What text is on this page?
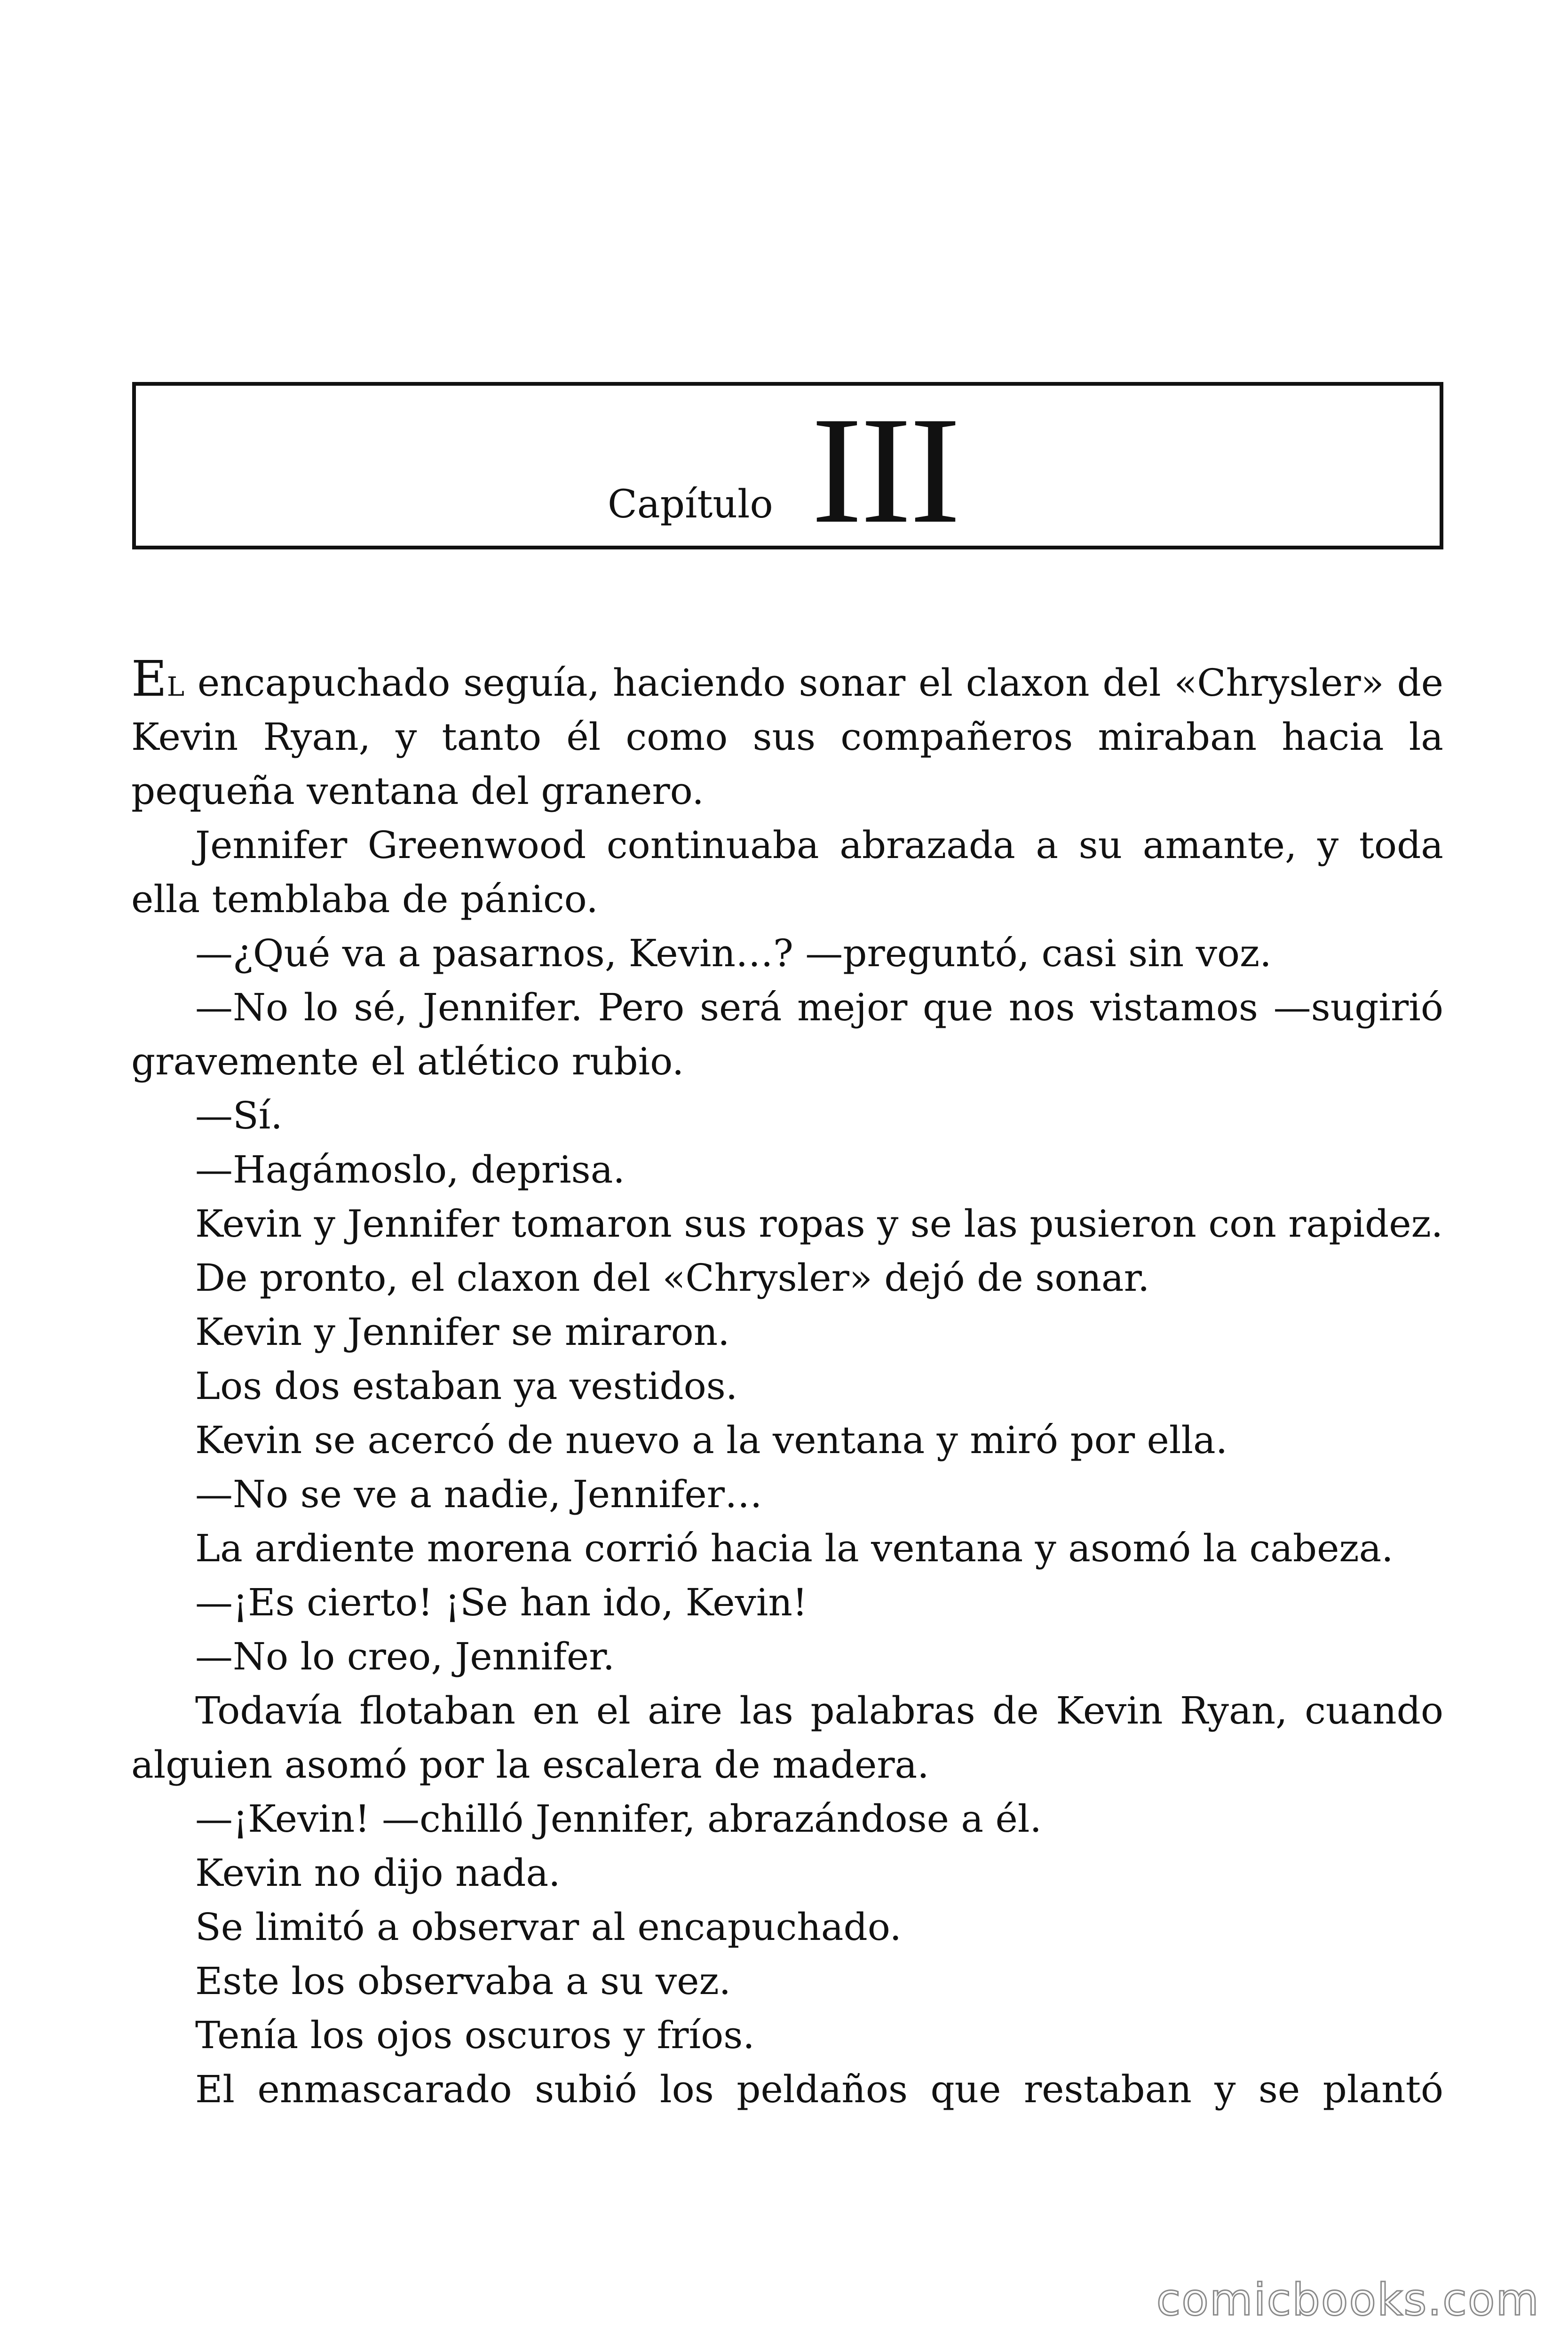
Capítulo III

El encapuchado seguía, haciendo sonar el claxon del «Chrysler» de Kevin Ryan, y tanto él como sus compañeros miraban hacia la pequeña ventana del granero.

Jennifer Greenwood continuaba abrazada a su amante, y toda ella temblaba de pánico.

—¿Qué va a pasarnos, Kevin…? —preguntó, casi sin voz.

—No lo sé, Jennifer. Pero será mejor que nos vistamos —sugirió gravemente el atlético rubio.

—Sí.

—Hagámoslo, deprisa.

Kevin y Jennifer tomaron sus ropas y se las pusieron con rapidez.

De pronto, el claxon del «Chrysler» dejó de sonar.

Kevin y Jennifer se miraron.

Los dos estaban ya vestidos.

Kevin se acercó de nuevo a la ventana y miró por ella.

—No se ve a nadie, Jennifer…

La ardiente morena corrió hacia la ventana y asomó la cabeza.

—¡Es cierto! ¡Se han ido, Kevin!

—No lo creo, Jennifer.

Todavía flotaban en el aire las palabras de Kevin Ryan, cuando alguien asomó por la escalera de madera.

—¡Kevin! —chilló Jennifer, abrazándose a él.

Kevin no dijo nada.

Se limitó a observar al encapuchado.

Este los observaba a su vez.

Tenía los ojos oscuros y fríos.

El enmascarado subió los peldaños que restaban y se plantó

comicbooks.com
